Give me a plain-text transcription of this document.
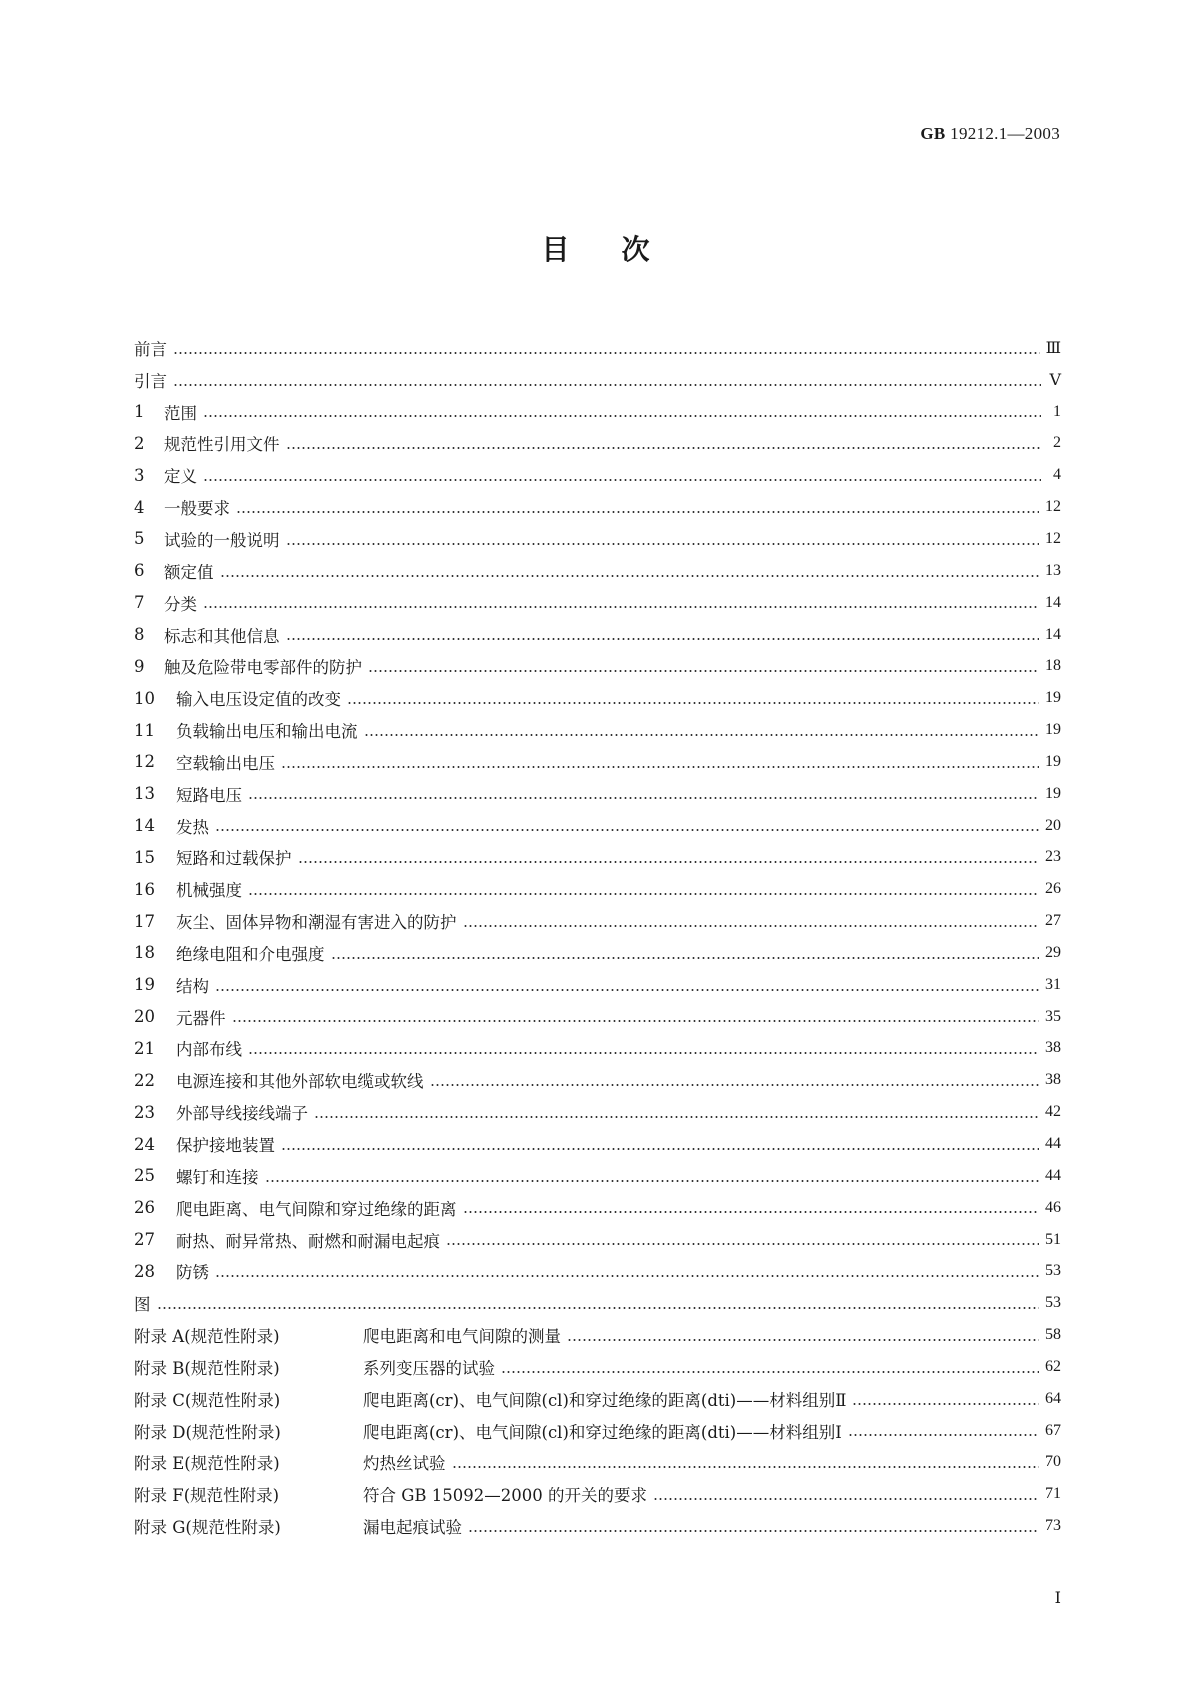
GB 19212.1—2003
目次
前言	Ⅲ
引言	Ⅴ
1	范围	1
2	规范性引用文件	2
3	定义	4
4	一般要求	12
5	试验的一般说明	12
6	额定值	13
7	分类	14
8	标志和其他信息	14
9	触及危险带电零部件的防护	18
10	输入电压设定值的改变	19
11	负载输出电压和输出电流	19
12	空载输出电压	19
13	短路电压	19
14	发热	20
15	短路和过载保护	23
16	机械强度	26
17	灰尘、固体异物和潮湿有害进入的防护	27
18	绝缘电阻和介电强度	29
19	结构	31
20	元器件	35
21	内部布线	38
22	电源连接和其他外部软电缆或软线	38
23	外部导线接线端子	42
24	保护接地装置	44
25	螺钉和连接	44
26	爬电距离、电气间隙和穿过绝缘的距离	46
27	耐热、耐异常热、耐燃和耐漏电起痕	51
28	防锈	53
图	53
附录 A(规范性附录)	爬电距离和电气间隙的测量	58
附录 B(规范性附录)	系列变压器的试验	62
附录 C(规范性附录)	爬电距离(cr)、电气间隙(cl)和穿过绝缘的距离(dti)——材料组别Ⅱ	64
附录 D(规范性附录)	爬电距离(cr)、电气间隙(cl)和穿过绝缘的距离(dti)——材料组别Ⅰ	67
附录 E(规范性附录)	灼热丝试验	70
附录 F(规范性附录)	符合 GB 15092—2000 的开关的要求	71
附录 G(规范性附录)	漏电起痕试验	73
Ⅰ
